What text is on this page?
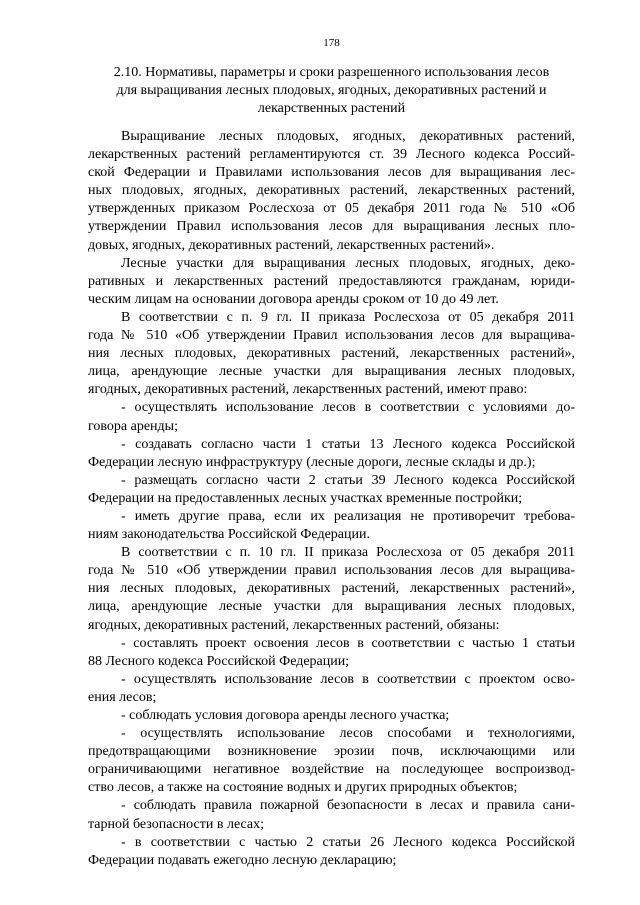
178
2.10. Нормативы, параметры и сроки разрешенного использования лесов
для выращивания лесных плодовых, ягодных, декоративных растений и
лекарственных растений
Выращивание лесных плодовых, ягодных, декоративных растений,
лекарственных растений регламентируются ст. 39 Лесного кодекса Россий-
ской Федерации и Правилами использования лесов для выращивания лес-
ных плодовых, ягодных, декоративных растений, лекарственных растений,
утвержденных приказом Рослесхоза от 05 декабря 2011 года № 510 «Об
утверждении Правил использования лесов для выращивания лесных пло-
довых, ягодных, декоративных растений, лекарственных растений».
Лесные участки для выращивания лесных плодовых, ягодных, деко-
ративных и лекарственных растений предоставляются гражданам, юриди-
ческим лицам на основании договора аренды сроком от 10 до 49 лет.
В соответствии с п. 9 гл. II приказа Рослесхоза от 05 декабря 2011
года № 510 «Об утверждении Правил использования лесов для выращива-
ния лесных плодовых, декоративных растений, лекарственных растений»,
лица, арендующие лесные участки для выращивания лесных плодовых,
ягодных, декоративных растений, лекарственных растений, имеют право:
- осуществлять использование лесов в соответствии с условиями до-
говора аренды;
- создавать согласно части 1 статьи 13 Лесного кодекса Российской
Федерации лесную инфраструктуру (лесные дороги, лесные склады и др.);
- размещать согласно части 2 статьи 39 Лесного кодекса Российской
Федерации на предоставленных лесных участках временные постройки;
- иметь другие права, если их реализация не противоречит требова-
ниям законодательства Российской Федерации.
В соответствии с п. 10 гл. II приказа Рослесхоза от 05 декабря 2011
года № 510 «Об утверждении правил использования лесов для выращива-
ния лесных плодовых, декоративных растений, лекарственных растений»,
лица, арендующие лесные участки для выращивания лесных плодовых,
ягодных, декоративных растений, лекарственных растений, обязаны:
- составлять проект освоения лесов в соответствии с частью 1 статьи
88 Лесного кодекса Российской Федерации;
- осуществлять использование лесов в соответствии с проектом осво-
ения лесов;
- соблюдать условия договора аренды лесного участка;
- осуществлять использование лесов способами и технологиями,
предотвращающими возникновение эрозии почв, исключающими или
ограничивающими негативное воздействие на последующее воспроизвод-
ство лесов, а также на состояние водных и других природных объектов;
- соблюдать правила пожарной безопасности в лесах и правила сани-
тарной безопасности в лесах;
- в соответствии с частью 2 статьи 26 Лесного кодекса Российской
Федерации подавать ежегодно лесную декларацию;
